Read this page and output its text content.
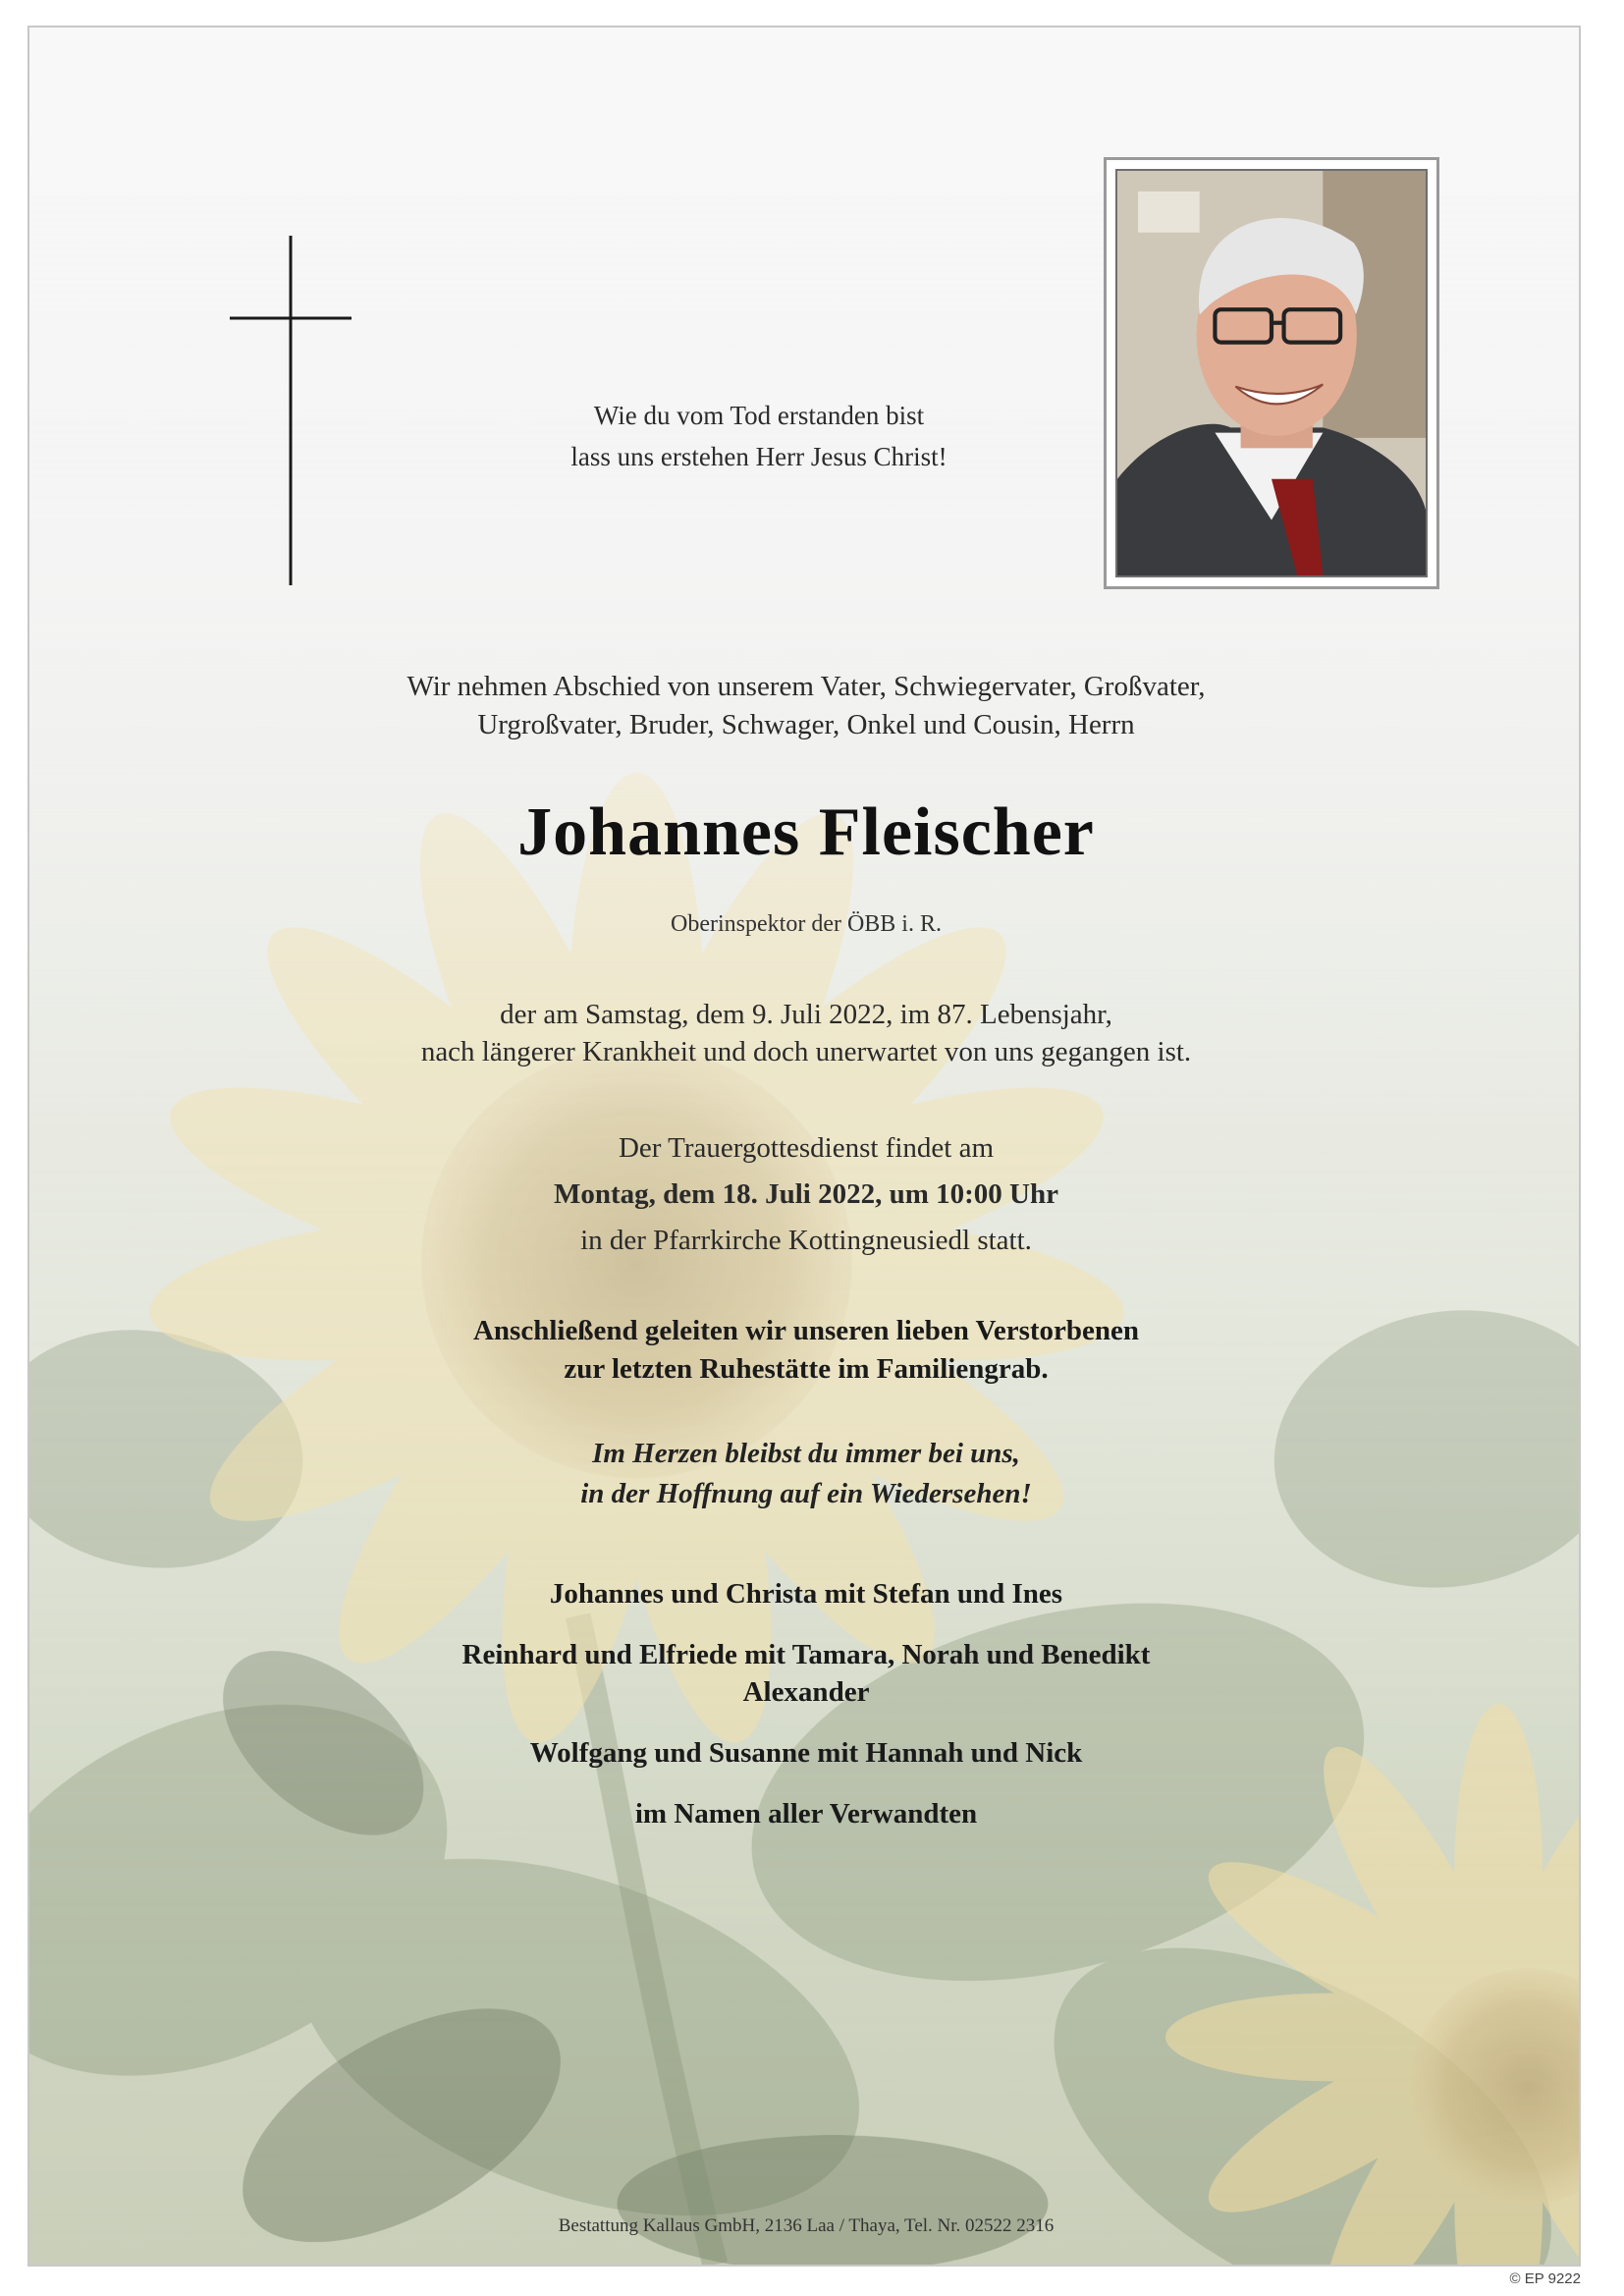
Wie du vom Tod erstanden bist
lass uns erstehen Herr Jesus Christ!
Wir nehmen Abschied von unserem Vater, Schwiegervater, Großvater,
Urgroßvater, Bruder, Schwager, Onkel und Cousin, Herrn
Johannes Fleischer
Oberinspektor der ÖBB i. R.
der am Samstag, dem 9. Juli 2022, im 87. Lebensjahr,
nach längerer Krankheit und doch unerwartet von uns gegangen ist.
Der Trauergottesdienst findet am
Montag, dem 18. Juli 2022, um 10:00 Uhr
in der Pfarrkirche Kottingneusiedl statt.
Anschließend geleiten wir unseren lieben Verstorbenen
zur letzten Ruhestätte im Familiengrab.
Im Herzen bleibst du immer bei uns,
in der Hoffnung auf ein Wiedersehen!
Johannes und Christa mit Stefan und Ines
Reinhard und Elfriede mit Tamara, Norah und Benedikt
Alexander
Wolfgang und Susanne mit Hannah und Nick
im Namen aller Verwandten
Bestattung Kallaus GmbH, 2136 Laa / Thaya, Tel. Nr. 02522 2316
© EP 9222
